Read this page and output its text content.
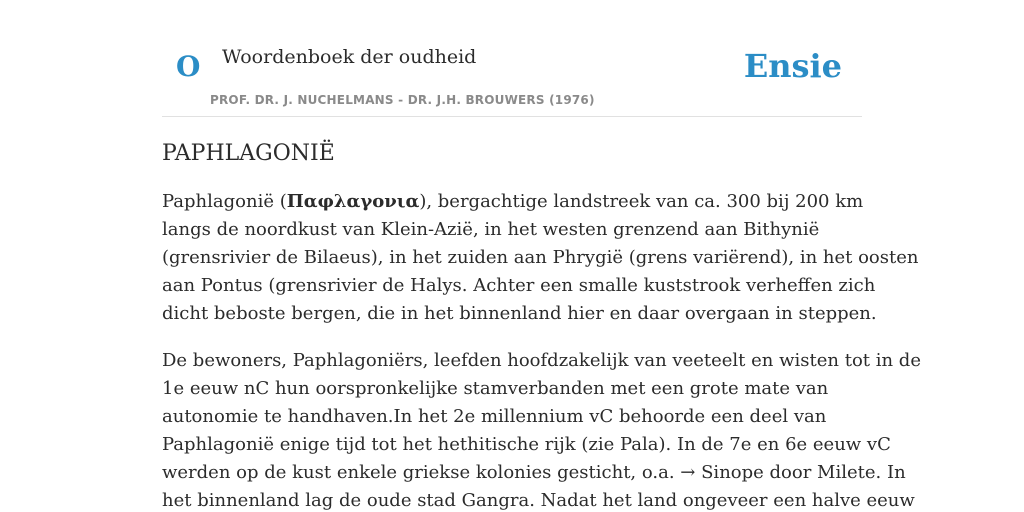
O Woordenboek der oudheid
PROF. DR. J. NUCHELMANS - DR. J.H. BROUWERS (1976)
Ensie
PAPHLAGONIË

Paphlagonië (Παφλαγονια), bergachtige landstreek van ca. 300 bij 200 km
langs de noordkust van Klein-Azië, in het westen grenzend aan Bithynië
(grensrivier de Bilaeus), in het zuiden aan Phrygië (grens variërend), in het oosten
aan Pontus (grensrivier de Halys. Achter een smalle kuststrook verheffen zich
dicht beboste bergen, die in het binnenland hier en daar overgaan in steppen.

De bewoners, Paphlagoniërs, leefden hoofdzakelijk van veeteelt en wisten tot in de
1e eeuw nC hun oorspronkelijke stamverbanden met een grote mate van
autonomie te handhaven.In het 2e millennium vC behoorde een deel van
Paphlagonië enige tijd tot het hethitische rijk (zie Pala). In de 7e en 6e eeuw vC
werden op de kust enkele griekse kolonies gesticht, o.a. → Sinope door Milete. In
het binnenland lag de oude stad Gangra. Nadat het land ongeveer een halve eeuw
